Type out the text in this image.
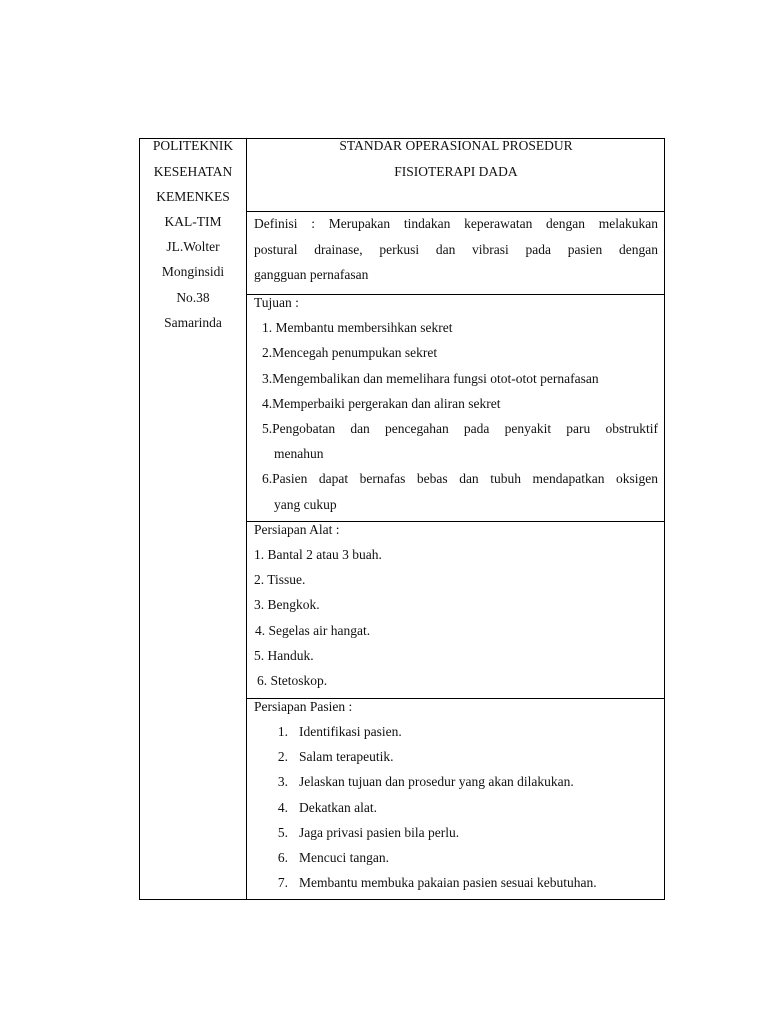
POLITEKNIK
KESEHATAN
KEMENKES
KAL-TIM
JL.Wolter
Monginsidi
No.38
Samarinda
STANDAR OPERASIONAL PROSEDUR
FISIOTERAPI DADA
Definisi : Merupakan tindakan keperawatan dengan melakukan
postural drainase, perkusi dan vibrasi pada pasien dengan
gangguan pernafasan
Tujuan :
1. Membantu membersihkan sekret
2.Mencegah penumpukan sekret
3.Mengembalikan dan memelihara fungsi otot-otot pernafasan
4.Memperbaiki pergerakan dan aliran sekret
5.Pengobatan dan pencegahan pada penyakit paru obstruktif
menahun
6.Pasien dapat bernafas bebas dan tubuh mendapatkan oksigen
yang cukup
Persiapan Alat :
1. Bantal 2 atau 3 buah.
2. Tissue.
3. Bengkok.
4. Segelas air hangat.
5. Handuk.
6. Stetoskop.
Persiapan Pasien :
1. Identifikasi pasien.
2. Salam terapeutik.
3. Jelaskan tujuan dan prosedur yang akan dilakukan.
4. Dekatkan alat.
5. Jaga privasi pasien bila perlu.
6. Mencuci tangan.
7. Membantu membuka pakaian pasien sesuai kebutuhan.
